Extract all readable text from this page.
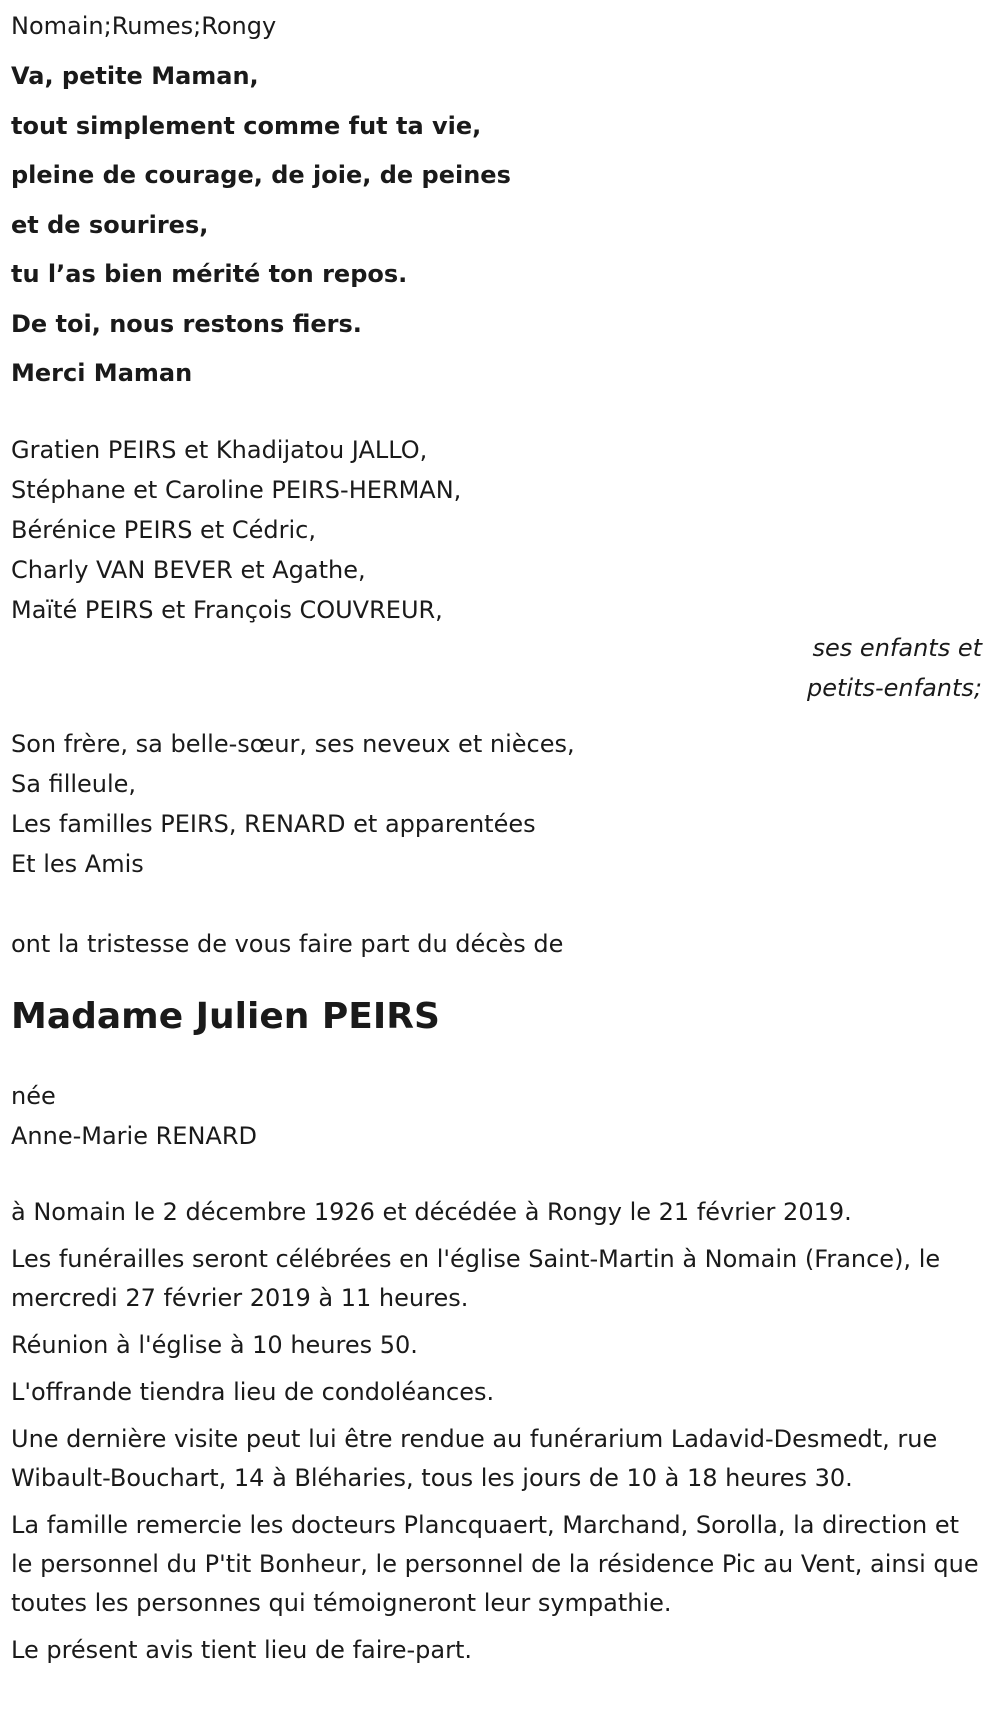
Nomain;Rumes;Rongy

Va, petite Maman,

tout simplement comme fut ta vie,

pleine de courage, de joie, de peines

et de sourires,

tu l’as bien mérité ton repos.

De toi, nous restons fiers.

Merci Maman

Gratien PEIRS et Khadijatou JALLO,

Stéphane et Caroline PEIRS-HERMAN,

Bérénice PEIRS et Cédric,

Charly VAN BEVER et Agathe,

Maïté PEIRS et François COUVREUR,

ses enfants et
petits-enfants;

Son frère, sa belle-sœur, ses neveux et nièces,

Sa filleule,

Les familles PEIRS, RENARD et apparentées

Et les Amis

ont la tristesse de vous faire part du décès de

Madame Julien PEIRS

née

Anne-Marie RENARD

à Nomain le 2 décembre 1926 et décédée à Rongy le 21 février 2019.

Les funérailles seront célébrées en l'église Saint-Martin à Nomain (France), le mercredi 27 février 2019 à 11 heures.

Réunion à l'église à 10 heures 50.

L'offrande tiendra lieu de condoléances.

Une dernière visite peut lui être rendue au funérarium Ladavid-Desmedt, rue Wibault-Bouchart, 14 à Bléharies, tous les jours de 10 à 18 heures 30.

La famille remercie les docteurs Plancquaert, Marchand, Sorolla, la direction et le personnel du P'tit Bonheur, le personnel de la résidence Pic au Vent, ainsi que toutes les personnes qui témoigneront leur sympathie.

Le présent avis tient lieu de faire-part.
